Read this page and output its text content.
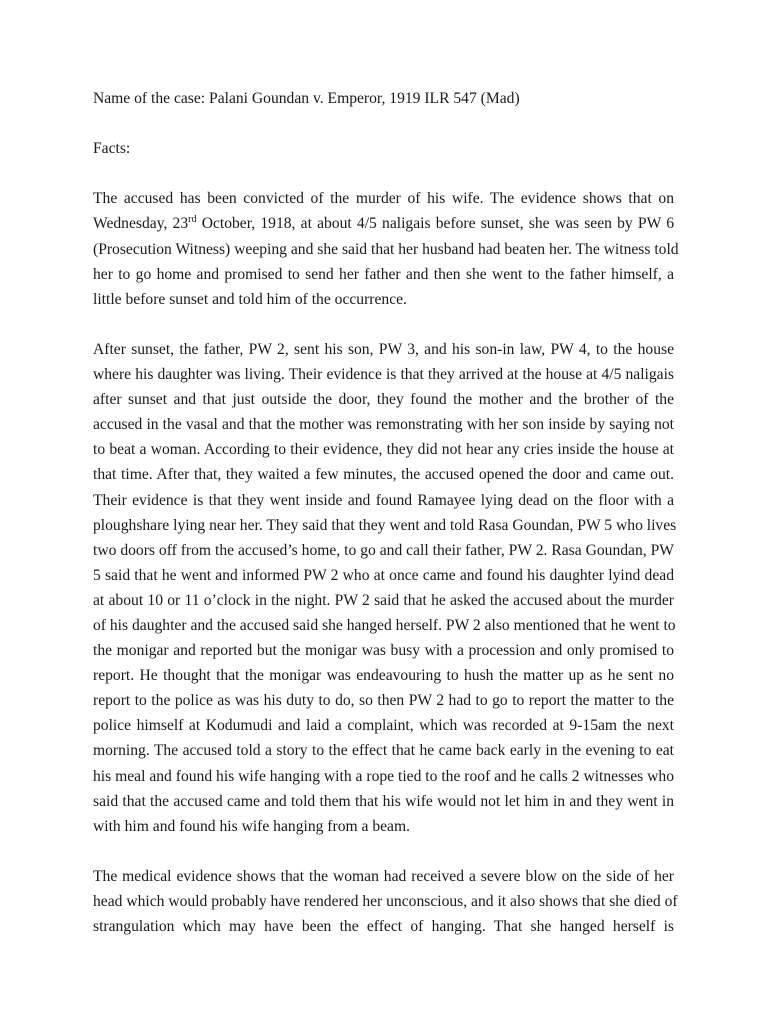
Name of the case: Palani Goundan v. Emperor, 1919 ILR 547 (Mad)

Facts:

The accused has been convicted of the murder of his wife. The evidence shows that on
Wednesday, 23rd October, 1918, at about 4/5 naligais before sunset, she was seen by PW 6
(Prosecution Witness) weeping and she said that her husband had beaten her. The witness told
her to go home and promised to send her father and then she went to the father himself, a
little before sunset and told him of the occurrence.

After sunset, the father, PW 2, sent his son, PW 3, and his son-in law, PW 4, to the house
where his daughter was living. Their evidence is that they arrived at the house at 4/5 naligais
after sunset and that just outside the door, they found the mother and the brother of the
accused in the vasal and that the mother was remonstrating with her son inside by saying not
to beat a woman. According to their evidence, they did not hear any cries inside the house at
that time. After that, they waited a few minutes, the accused opened the door and came out.
Their evidence is that they went inside and found Ramayee lying dead on the floor with a
ploughshare lying near her. They said that they went and told Rasa Goundan, PW 5 who lives
two doors off from the accused’s home, to go and call their father, PW 2. Rasa Goundan, PW
5 said that he went and informed PW 2 who at once came and found his daughter lyind dead
at about 10 or 11 o’clock in the night. PW 2 said that he asked the accused about the murder
of his daughter and the accused said she hanged herself. PW 2 also mentioned that he went to
the monigar and reported but the monigar was busy with a procession and only promised to
report. He thought that the monigar was endeavouring to hush the matter up as he sent no
report to the police as was his duty to do, so then PW 2 had to go to report the matter to the
police himself at Kodumudi and laid a complaint, which was recorded at 9-15am the next
morning. The accused told a story to the effect that he came back early in the evening to eat
his meal and found his wife hanging with a rope tied to the roof and he calls 2 witnesses who
said that the accused came and told them that his wife would not let him in and they went in
with him and found his wife hanging from a beam.

The medical evidence shows that the woman had received a severe blow on the side of her
head which would probably have rendered her unconscious, and it also shows that she died of
strangulation which may have been the effect of hanging. That she hanged herself is
